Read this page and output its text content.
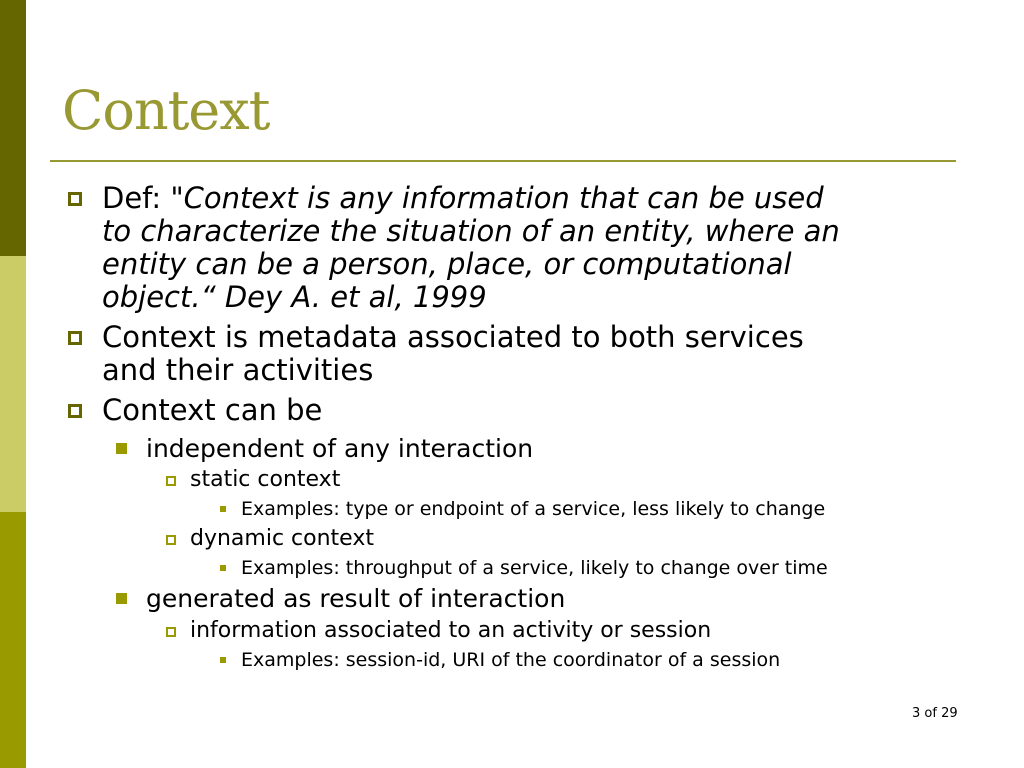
Context
Def: "Context is any information that can be used
to characterize the situation of an entity, where an
entity can be a person, place, or computational
object.“ Dey A. et al, 1999
Context is metadata associated to both services
and their activities
Context can be
independent of any interaction
static context
Examples: type or endpoint of a service, less likely to change
dynamic context
Examples: throughput of a service, likely to change over time
generated as result of interaction
information associated to an activity or session
Examples: session-id, URI of the coordinator of a session
3 of 29
